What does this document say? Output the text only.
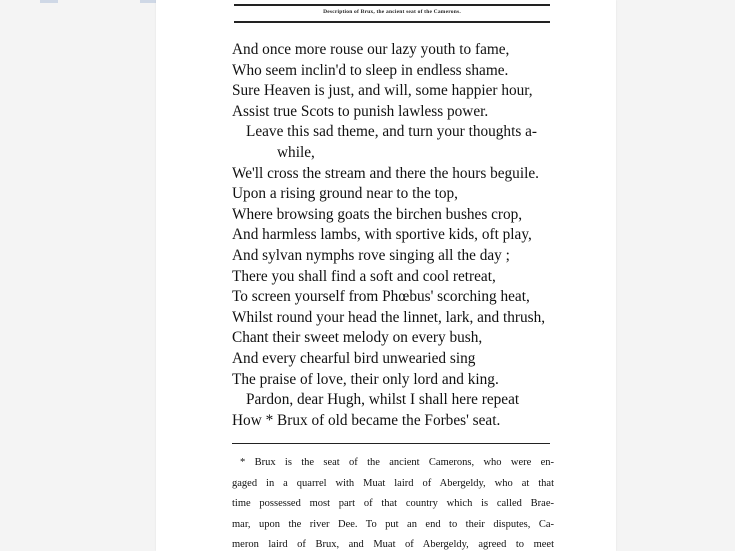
Description of Brux, the ancient seat of the Camerons.
And once more rouse our lazy youth to fame,
Who seem inclin'd to sleep in endless shame.
Sure Heaven is just, and will, some happier hour,
Assist true Scots to punish lawless power.
Leave this sad theme, and turn your thoughts a-
while,
We'll cross the stream and there the hours beguile.
Upon a rising ground near to the top,
Where browsing goats the birchen bushes crop,
And harmless lambs, with sportive kids, oft play,
And sylvan nymphs rove singing all the day ;
There you shall find a soft and cool retreat,
To screen yourself from Phœbus' scorching heat,
Whilst round your head the linnet, lark, and thrush,
Chant their sweet melody on every bush,
And every chearful bird unwearied sing
The praise of love, their only lord and king.
Pardon, dear Hugh, whilst I shall here repeat
How * Brux of old became the Forbes' seat.
* Brux is the seat of the ancient Camerons, who were en-
gaged in a quarrel with Muat laird of Abergeldy, who at that
time possessed most part of that country which is called Brae-
mar, upon the river Dee. To put an end to their disputes, Ca-
meron laird of Brux, and Muat of Abergeldy, agreed to meet
